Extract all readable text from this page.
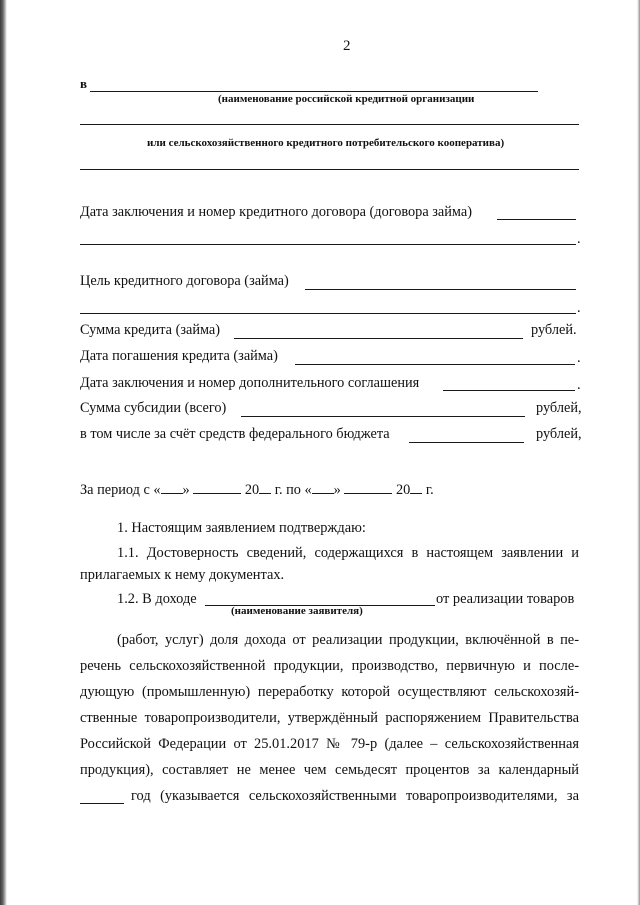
2
в
(наименование российской кредитной организации
или сельскохозяйственного кредитного потребительского кооператива)
Дата заключения и номер кредитного договора (договора займа)
.
Цель кредитного договора (займа)
.
Сумма кредита (займа)	рублей.
Дата погашения кредита (займа)	.
Дата заключения и номер дополнительного соглашения	.
Сумма субсидии (всего)	рублей,
в том числе за счёт средств федерального бюджета	рублей,
За период с « »	20 г. по « »	20 г.
1. Настоящим заявлением подтверждаю:
1.1. Достоверность сведений, содержащихся в настоящем заявлении и
прилагаемых к нему документах.
1.2. В доходе	от реализации товаров
(наименование заявителя)
(работ, услуг) доля дохода от реализации продукции, включённой в пе-
речень сельскохозяйственной продукции, производство, первичную и после-
дующую (промышленную) переработку которой осуществляют сельскохозяй-
ственные товаропроизводители, утверждённый распоряжением Правительства
Российской Федерации от 25.01.2017 № 79-р (далее – сельскохозяйственная
продукция), составляет не менее чем семьдесят процентов за календарный
год (указывается сельскохозяйственными товаропроизводителями, за
